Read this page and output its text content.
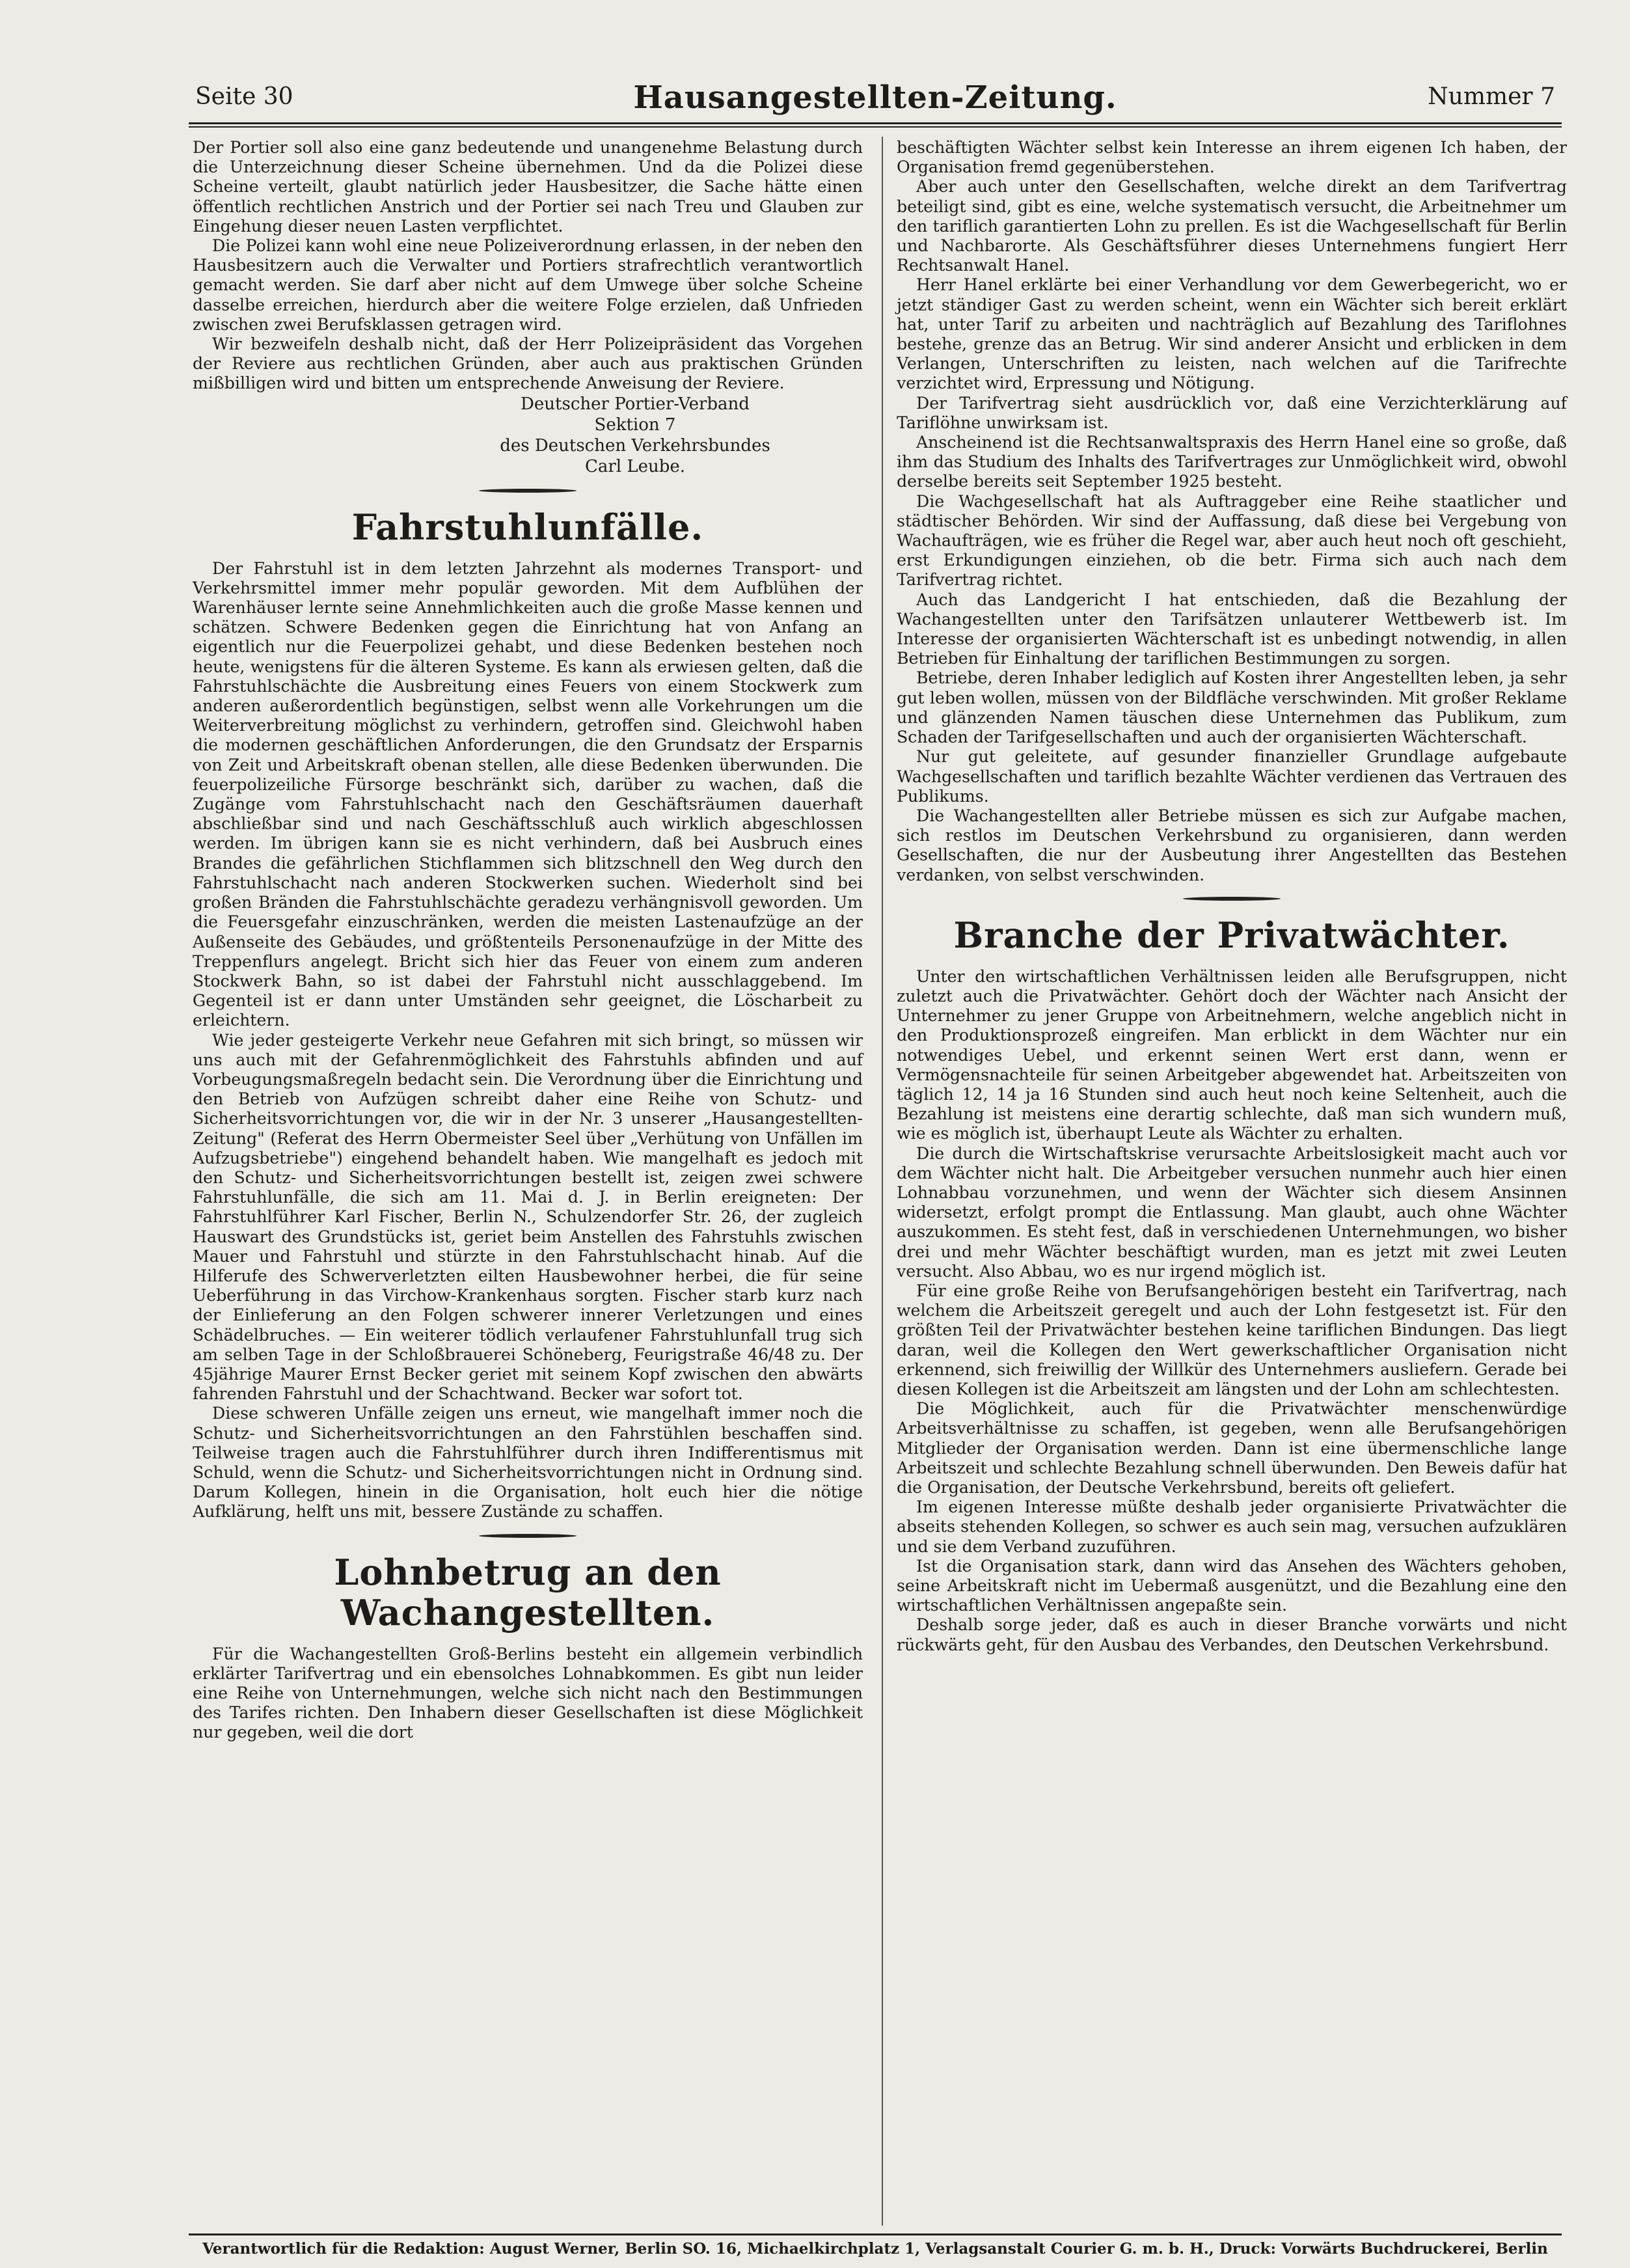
Seite 30	Hausangestellten-Zeitung.	Nummer 7

Der Portier soll also eine ganz bedeutende und unangenehme Belastung durch die Unterzeichnung dieser Scheine übernehmen. Und da die Polizei diese Scheine verteilt, glaubt natürlich jeder Hausbesitzer, die Sache hätte einen öffentlich rechtlichen Anstrich und der Portier sei nach Treu und Glauben zur Eingehung dieser neuen Lasten verpflichtet.

Die Polizei kann wohl eine neue Polizeiverordnung erlassen, in der neben den Hausbesitzern auch die Verwalter und Portiers strafrechtlich verantwortlich gemacht werden. Sie darf aber nicht auf dem Umwege über solche Scheine dasselbe erreichen, hierdurch aber die weitere Folge erzielen, daß Unfrieden zwischen zwei Berufsklassen getragen wird.

Wir bezweifeln deshalb nicht, daß der Herr Polizeipräsident das Vorgehen der Reviere aus rechtlichen Gründen, aber auch aus praktischen Gründen mißbilligen wird und bitten um entsprechende Anweisung der Reviere.

Deutscher Portier-Verband

Sektion 7

des Deutschen Verkehrsbundes

Carl Leube.

Fahrstuhlunfälle.

Der Fahrstuhl ist in dem letzten Jahrzehnt als modernes Transport- und Verkehrsmittel immer mehr populär geworden. Mit dem Aufblühen der Warenhäuser lernte seine Annehmlichkeiten auch die große Masse kennen und schätzen. Schwere Bedenken gegen die Einrichtung hat von Anfang an eigentlich nur die Feuerpolizei gehabt, und diese Bedenken bestehen noch heute, wenigstens für die älteren Systeme. Es kann als erwiesen gelten, daß die Fahrstuhlschächte die Ausbreitung eines Feuers von einem Stockwerk zum anderen außerordentlich begünstigen, selbst wenn alle Vorkehrungen um die Weiterverbreitung möglichst zu verhindern, getroffen sind. Gleichwohl haben die modernen geschäftlichen Anforderungen, die den Grundsatz der Ersparnis von Zeit und Arbeitskraft obenan stellen, alle diese Bedenken überwunden. Die feuerpolizeiliche Fürsorge beschränkt sich, darüber zu wachen, daß die Zugänge vom Fahrstuhlschacht nach den Geschäftsräumen dauerhaft abschließbar sind und nach Geschäftsschluß auch wirklich abgeschlossen werden. Im übrigen kann sie es nicht verhindern, daß bei Ausbruch eines Brandes die gefährlichen Stichflammen sich blitzschnell den Weg durch den Fahrstuhlschacht nach anderen Stockwerken suchen. Wiederholt sind bei großen Bränden die Fahrstuhlschächte geradezu verhängnisvoll geworden. Um die Feuersgefahr einzuschränken, werden die meisten Lastenaufzüge an der Außenseite des Gebäudes, und größtenteils Personenaufzüge in der Mitte des Treppenflurs angelegt. Bricht sich hier das Feuer von einem zum anderen Stockwerk Bahn, so ist dabei der Fahrstuhl nicht ausschlaggebend. Im Gegenteil ist er dann unter Umständen sehr geeignet, die Löscharbeit zu erleichtern.

Wie jeder gesteigerte Verkehr neue Gefahren mit sich bringt, so müssen wir uns auch mit der Gefahrenmöglichkeit des Fahrstuhls abfinden und auf Vorbeugungsmaßregeln bedacht sein. Die Verordnung über die Einrichtung und den Betrieb von Aufzügen schreibt daher eine Reihe von Schutz- und Sicherheitsvorrichtungen vor, die wir in der Nr. 3 unserer „Hausangestellten-Zeitung" (Referat des Herrn Obermeister Seel über „Verhütung von Unfällen im Aufzugsbetriebe") eingehend behandelt haben. Wie mangelhaft es jedoch mit den Schutz- und Sicherheitsvorrichtungen bestellt ist, zeigen zwei schwere Fahrstuhlunfälle, die sich am 11. Mai d. J. in Berlin ereigneten: Der Fahrstuhlführer Karl Fischer, Berlin N., Schulzendorfer Str. 26, der zugleich Hauswart des Grundstücks ist, geriet beim Anstellen des Fahrstuhls zwischen Mauer und Fahrstuhl und stürzte in den Fahrstuhlschacht hinab. Auf die Hilferufe des Schwerverletzten eilten Hausbewohner herbei, die für seine Ueberführung in das Virchow-Krankenhaus sorgten. Fischer starb kurz nach der Einlieferung an den Folgen schwerer innerer Verletzungen und eines Schädelbruches. — Ein weiterer tödlich verlaufener Fahrstuhlunfall trug sich am selben Tage in der Schloßbrauerei Schöneberg, Feurigstraße 46/48 zu. Der 45jährige Maurer Ernst Becker geriet mit seinem Kopf zwischen den abwärts fahrenden Fahrstuhl und der Schachtwand. Becker war sofort tot.

Diese schweren Unfälle zeigen uns erneut, wie mangelhaft immer noch die Schutz- und Sicherheitsvorrichtungen an den Fahrstühlen beschaffen sind. Teilweise tragen auch die Fahrstuhlführer durch ihren Indifferentismus mit Schuld, wenn die Schutz- und Sicherheitsvorrichtungen nicht in Ordnung sind. Darum Kollegen, hinein in die Organisation, holt euch hier die nötige Aufklärung, helft uns mit, bessere Zustände zu schaffen.

Lohnbetrug an den Wachangestellten.

Für die Wachangestellten Groß-Berlins besteht ein allgemein verbindlich erklärter Tarifvertrag und ein ebensolches Lohnabkommen. Es gibt nun leider eine Reihe von Unternehmungen, welche sich nicht nach den Bestimmungen des Tarifes richten. Den Inhabern dieser Gesellschaften ist diese Möglichkeit nur gegeben, weil die dort

beschäftigten Wächter selbst kein Interesse an ihrem eigenen Ich haben, der Organisation fremd gegenüberstehen.

Aber auch unter den Gesellschaften, welche direkt an dem Tarifvertrag beteiligt sind, gibt es eine, welche systematisch versucht, die Arbeitnehmer um den tariflich garantierten Lohn zu prellen. Es ist die Wachgesellschaft für Berlin und Nachbarorte. Als Geschäftsführer dieses Unternehmens fungiert Herr Rechtsanwalt Hanel.

Herr Hanel erklärte bei einer Verhandlung vor dem Gewerbegericht, wo er jetzt ständiger Gast zu werden scheint, wenn ein Wächter sich bereit erklärt hat, unter Tarif zu arbeiten und nachträglich auf Bezahlung des Tariflohnes bestehe, grenze das an Betrug. Wir sind anderer Ansicht und erblicken in dem Verlangen, Unterschriften zu leisten, nach welchen auf die Tarifrechte verzichtet wird, Erpressung und Nötigung.

Der Tarifvertrag sieht ausdrücklich vor, daß eine Verzichterklärung auf Tariflöhne unwirksam ist.

Anscheinend ist die Rechtsanwaltspraxis des Herrn Hanel eine so große, daß ihm das Studium des Inhalts des Tarifvertrages zur Unmöglichkeit wird, obwohl derselbe bereits seit September 1925 besteht.

Die Wachgesellschaft hat als Auftraggeber eine Reihe staatlicher und städtischer Behörden. Wir sind der Auffassung, daß diese bei Vergebung von Wachaufträgen, wie es früher die Regel war, aber auch heut noch oft geschieht, erst Erkundigungen einziehen, ob die betr. Firma sich auch nach dem Tarifvertrag richtet.

Auch das Landgericht I hat entschieden, daß die Bezahlung der Wachangestellten unter den Tarifsätzen unlauterer Wettbewerb ist. Im Interesse der organisierten Wächterschaft ist es unbedingt notwendig, in allen Betrieben für Einhaltung der tariflichen Bestimmungen zu sorgen.

Betriebe, deren Inhaber lediglich auf Kosten ihrer Angestellten leben, ja sehr gut leben wollen, müssen von der Bildfläche verschwinden. Mit großer Reklame und glänzenden Namen täuschen diese Unternehmen das Publikum, zum Schaden der Tarifgesellschaften und auch der organisierten Wächterschaft.

Nur gut geleitete, auf gesunder finanzieller Grundlage aufgebaute Wachgesellschaften und tariflich bezahlte Wächter verdienen das Vertrauen des Publikums.

Die Wachangestellten aller Betriebe müssen es sich zur Aufgabe machen, sich restlos im Deutschen Verkehrsbund zu organisieren, dann werden Gesellschaften, die nur der Ausbeutung ihrer Angestellten das Bestehen verdanken, von selbst verschwinden.

Branche der Privatwächter.

Unter den wirtschaftlichen Verhältnissen leiden alle Berufsgruppen, nicht zuletzt auch die Privatwächter. Gehört doch der Wächter nach Ansicht der Unternehmer zu jener Gruppe von Arbeitnehmern, welche angeblich nicht in den Produktionsprozeß eingreifen. Man erblickt in dem Wächter nur ein notwendiges Uebel, und erkennt seinen Wert erst dann, wenn er Vermögensnachteile für seinen Arbeitgeber abgewendet hat. Arbeitszeiten von täglich 12, 14 ja 16 Stunden sind auch heut noch keine Seltenheit, auch die Bezahlung ist meistens eine derartig schlechte, daß man sich wundern muß, wie es möglich ist, überhaupt Leute als Wächter zu erhalten.

Die durch die Wirtschaftskrise verursachte Arbeitslosigkeit macht auch vor dem Wächter nicht halt. Die Arbeitgeber versuchen nunmehr auch hier einen Lohnabbau vorzunehmen, und wenn der Wächter sich diesem Ansinnen widersetzt, erfolgt prompt die Entlassung. Man glaubt, auch ohne Wächter auszukommen. Es steht fest, daß in verschiedenen Unternehmungen, wo bisher drei und mehr Wächter beschäftigt wurden, man es jetzt mit zwei Leuten versucht. Also Abbau, wo es nur irgend möglich ist.

Für eine große Reihe von Berufsangehörigen besteht ein Tarifvertrag, nach welchem die Arbeitszeit geregelt und auch der Lohn festgesetzt ist. Für den größten Teil der Privatwächter bestehen keine tariflichen Bindungen. Das liegt daran, weil die Kollegen den Wert gewerkschaftlicher Organisation nicht erkennend, sich freiwillig der Willkür des Unternehmers ausliefern. Gerade bei diesen Kollegen ist die Arbeitszeit am längsten und der Lohn am schlechtesten.

Die Möglichkeit, auch für die Privatwächter menschenwürdige Arbeitsverhältnisse zu schaffen, ist gegeben, wenn alle Berufsangehörigen Mitglieder der Organisation werden. Dann ist eine übermenschliche lange Arbeitszeit und schlechte Bezahlung schnell überwunden. Den Beweis dafür hat die Organisation, der Deutsche Verkehrsbund, bereits oft geliefert.

Im eigenen Interesse müßte deshalb jeder organisierte Privatwächter die abseits stehenden Kollegen, so schwer es auch sein mag, versuchen aufzuklären und sie dem Verband zuzuführen.

Ist die Organisation stark, dann wird das Ansehen des Wächters gehoben, seine Arbeitskraft nicht im Uebermaß ausgenützt, und die Bezahlung eine den wirtschaftlichen Verhältnissen angepaßte sein.

Deshalb sorge jeder, daß es auch in dieser Branche vorwärts und nicht rückwärts geht, für den Ausbau des Verbandes, den Deutschen Verkehrsbund.

Verantwortlich für die Redaktion: August Werner, Berlin SO. 16, Michaelkirchplatz 1, Verlagsanstalt Courier G. m. b. H., Druck: Vorwärts Buchdruckerei, Berlin
